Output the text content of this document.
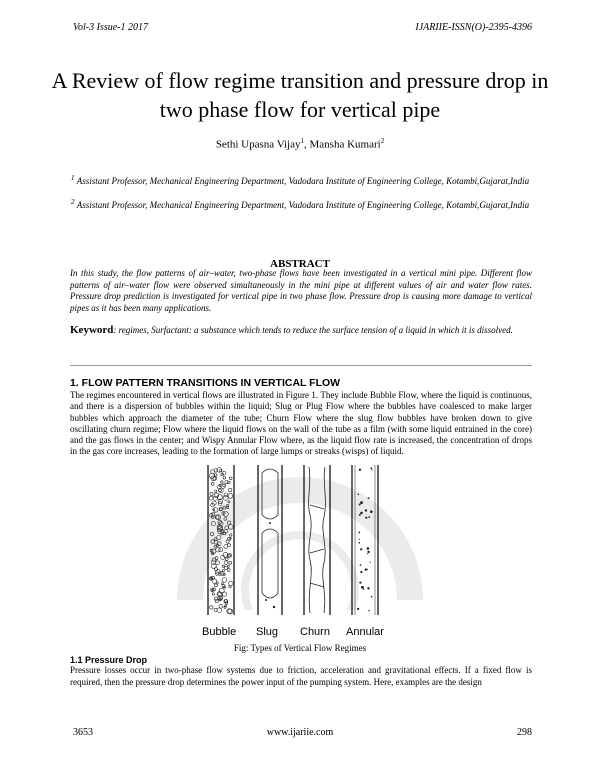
Vol-3 Issue-1 2017	IJARIIE-ISSN(O)-2395-4396
A Review of flow regime transition and pressure drop in two phase flow for vertical pipe
Sethi Upasna Vijay$^1$, Mansha Kumari$^2$
$^1$ Assistant Professor, Mechanical Engineering Department, Vadodara Institute of Engineering College, Kotambi,Gujarat,India
$^2$ Assistant Professor, Mechanical Engineering Department, Vadodara Institute of Engineering College, Kotambi,Gujarat,India
ABSTRACT
In this study, the flow patterns of air–water, two-phase flows have been investigated in a vertical mini pipe. Different flow patterns of air–water flow were observed simultaneously in the mini pipe at different values of air and water flow rates. Pressure drop prediction is investigated for vertical pipe in two phase flow. Pressure drop is causing more damage to vertical pipes as it has been many applications.
Keyword: regimes, Surfactant: a substance which tends to reduce the surface tension of a liquid in which it is dissolved.
1. FLOW PATTERN TRANSITIONS IN VERTICAL FLOW
The regimes encountered in vertical flows are illustrated in Figure 1. They include Bubble Flow, where the liquid is continuous, and there is a dispersion of bubbles within the liquid; Slug or Plug Flow where the bubbles have coalesced to make larger bubbles which approach the diameter of the tube; Churn Flow where the slug flow bubbles have broken down to give oscillating churn regime; Flow where the liquid flows on the wall of the tube as a film (with some liquid entrained in the core) and the gas flows in the center; and Wispy Annular Flow where, as the liquid flow rate is increased, the concentration of drops in the gas core increases, leading to the formation of large lumps or streaks (wisps) of liquid.
Bubble Slug Churn Annular
Fig: Types of Vertical Flow Regimes
1.1 Pressure Drop
Pressure losses occur in two-phase flow systems due to friction, acceleration and gravitational effects. If a fixed flow is required, then the pressure drop determines the power input of the pumping system. Here, examples are the design
3653	www.ijariie.com	298
